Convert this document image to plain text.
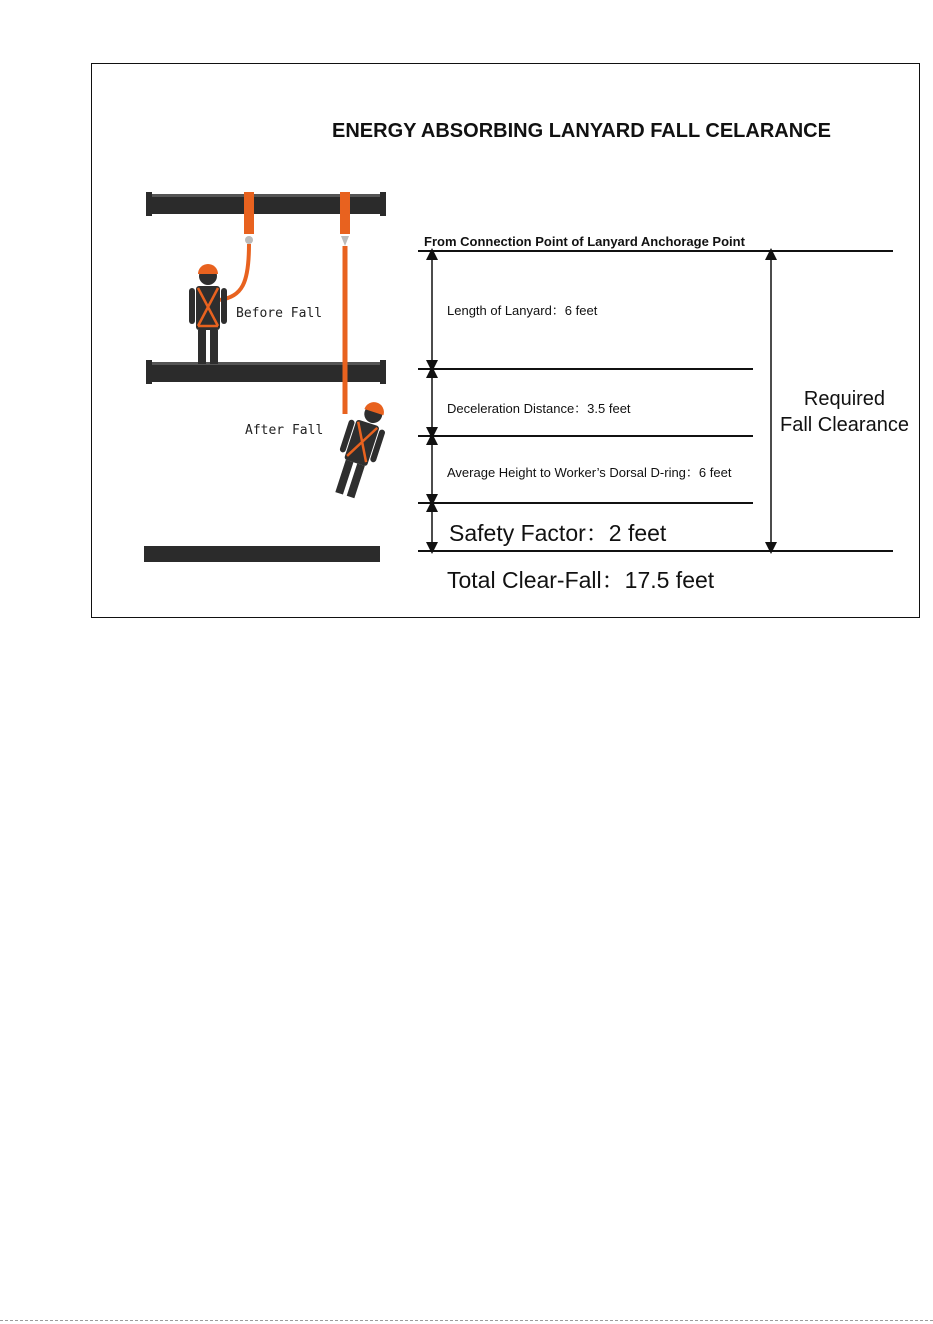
ENERGY ABSORBING LANYARD FALL CELARANCE
From Connection Point of Lanyard Anchorage Point
Before Fall
After Fall
Length of Lanyard：6 feet
Deceleration Distance：3.5 feet
Average Height to Worker’s Dorsal D-ring：6 feet
Safety Factor：2 feet
Total Clear-Fall：17.5 feet
Required
Fall Clearance
